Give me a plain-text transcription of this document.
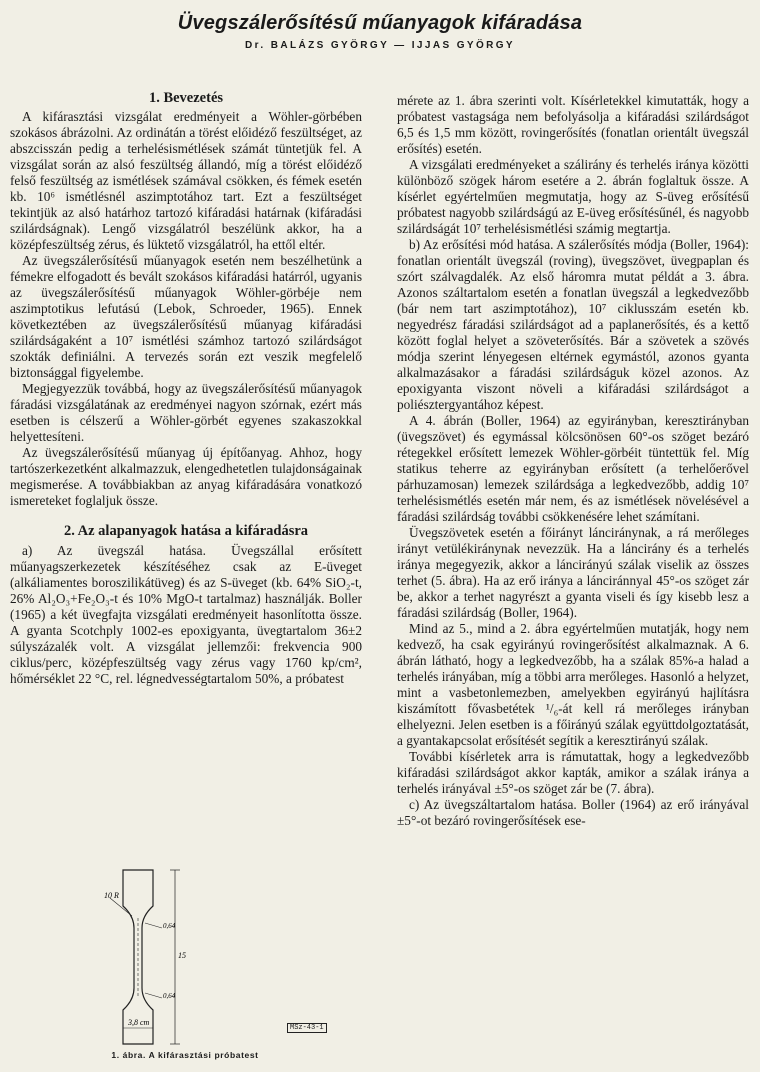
Üvegszálerősítésű műanyagok kifáradása
Dr. BALÁZS GYÖRGY — IJJAS GYÖRGY
1. Bevezetés

A kifárasztási vizsgálat eredményeit a Wöhler-görbében szokásos ábrázolni. Az ordinátán a törést előidéző feszültséget, az abszcisszán pedig a terhelésismétlések számát tüntetjük fel. A vizsgálat során az alsó feszültség állandó, míg a törést előidéző felső feszültség az ismétlések számával csökken, és fémek esetén kb. 10⁶ ismétlésnél aszimptotához tart. Ezt a feszültséget tekintjük az alsó határhoz tartozó kifáradási határnak (kifáradási szilárdságnak). Lengő vizsgálatról beszélünk akkor, ha a középfeszültség zérus, és lüktető vizsgálatról, ha ettől eltér.

Az üvegszálerősítésű műanyagok esetén nem beszélhetünk a fémekre elfogadott és bevált szokásos kifáradási határról, ugyanis az üvegszálerősítésű műanyagok Wöhler-görbéje nem aszimptotikus lefutású (Lebok, Schroeder, 1965). Ennek következtében az üvegszálerősítésű műanyag kifáradási szilárdságaként a 10⁷ ismétlési számhoz tartozó szilárdságot szokták definiálni. A tervezés során ezt veszik megfelelő biztonsággal figyelembe.

Megjegyezzük továbbá, hogy az üvegszálerősítésű műanyagok fáradási vizsgálatának az eredményei nagyon szórnak, ezért más esetben is célszerű a Wöhler-görbét egyenes szakaszokkal helyettesíteni.

Az üvegszálerősítésű műanyag új építőanyag. Ahhoz, hogy tartószerkezetként alkalmazzuk, elengedhetetlen tulajdonságainak megismerése. A továbbiakban az anyag kifáradására vonatkozó ismereteket foglaljuk össze.

2. Az alapanyagok hatása a kifáradásra

a) Az üvegszál hatása. Üvegszállal erősített műanyagszerkezetek készítéséhez csak az E-üveget (alkáliamentes boroszilikátüveg) és az S-üveget (kb. 64% SiO₂-t, 26% Al₂O₃+Fe₂O₃-t és 10% MgO-t tartalmaz) használják. Boller (1965) a két üvegfajta vizsgálati eredményeit hasonlította össze. A gyanta Scotchply 1002-es epoxigyanta, üvegtartalom 36±2 súlyszázalék volt. A vizsgálat jellemzői: frekvencia 900 ciklus/perc, középfeszültség vagy zérus vagy 1760 kp/cm², hőmérséklet 22 °C, rel. légnedvességtartalom 50%, a próbatest

mérete az 1. ábra szerinti volt. Kísérletekkel kimutatták, hogy a próbatest vastagsága nem befolyásolja a kifáradási szilárdságot 6,5 és 1,5 mm között, rovingerősítés (fonatlan orientált üvegszál erősítés) esetén.

A vizsgálati eredményeket a szálirány és terhelés iránya közötti különböző szögek három esetére a 2. ábrán foglaltuk össze. A kísérlet egyértelműen megmutatja, hogy az S-üveg erősítésű próbatest nagyobb szilárdságú az E-üveg erősítésűnél, és nagyobb szilárdságát 10⁷ terhelésismétlési számig megtartja.

b) Az erősítési mód hatása. A szálerősítés módja (Boller, 1964): fonatlan orientált üvegszál (roving), üvegszövet, üvegpaplan és szórt szálvagdalék. Az első háromra mutat példát a 3. ábra. Azonos száltartalom esetén a fonatlan üvegszál a legkedvezőbb (bár nem tart aszimptotához), 10⁷ ciklusszám esetén kb. negyedrész fáradási szilárdságot ad a paplanerősítés, és a kettő között foglal helyet a szöveterősítés. Bár a szövetek a szövés módja szerint lényegesen eltérnek egymástól, azonos gyanta alkalmazásakor a fáradási szilárdságuk közel azonos. Az epoxigyanta viszont növeli a kifáradási szilárdságot a poliésztergyantához képest.

A 4. ábrán (Boller, 1964) az egyirányban, keresztirányban (üvegszövet) és egymással kölcsönösen 60°-os szöget bezáró rétegekkel erősített lemezek Wöhler-görbéit tüntettük fel. Míg statikus teherre az egyirányban erősített (a terhelőerővel párhuzamosan) lemezek szilárdsága a legkedvezőbb, addig 10⁷ terhelésismétlés esetén már nem, és az ismétlések növelésével a fáradási szilárdság további csökkenésére lehet számítani.

Üvegszövetek esetén a főirányt lánciránynak, a rá merőleges irányt vetülékiránynak nevezzük. Ha a láncirány és a terhelés iránya megegyezik, akkor a láncirányú szálak viselik az összes terhet (5. ábra). Ha az erő iránya a lánciránnyal 45°-os szöget zár be, akkor a terhet nagyrészt a gyanta viseli és így kisebb lesz a fáradási szilárdság (Boller, 1964).

Mind az 5., mind a 2. ábra egyértelműen mutatják, hogy nem kedvező, ha csak egyirányú rovingerősítést alkalmaznak. A 6. ábrán látható, hogy a legkedvezőbb, ha a szálak 85%-a halad a terhelés irányában, míg a többi arra merőleges. Hasonló a helyzet, mint a vasbetonlemezben, amelyekben egyirányú hajlításra kiszámított fővasbetétek ¹/₆-át kell rá merőleges irányban elhelyezni. Jelen esetben is a főirányú szálak együttdolgoztatását, a gyantakapcsolat erősítését segítik a keresztirányú szálak.

További kísérletek arra is rámutattak, hogy a legkedvezőbb kifáradási szilárdságot akkor kapták, amikor a szálak iránya a terhelés irányával ±5°-os szöget zár be (7. ábra).

c) Az üvegszáltartalom hatása. Boller (1964) az erő irányával ±5°-ot bezáró rovingerősítések ese-

10 R
0,64
0,64
15
3,8 cm
MSz-43-1
1. ábra. A kifárasztási próbatest
